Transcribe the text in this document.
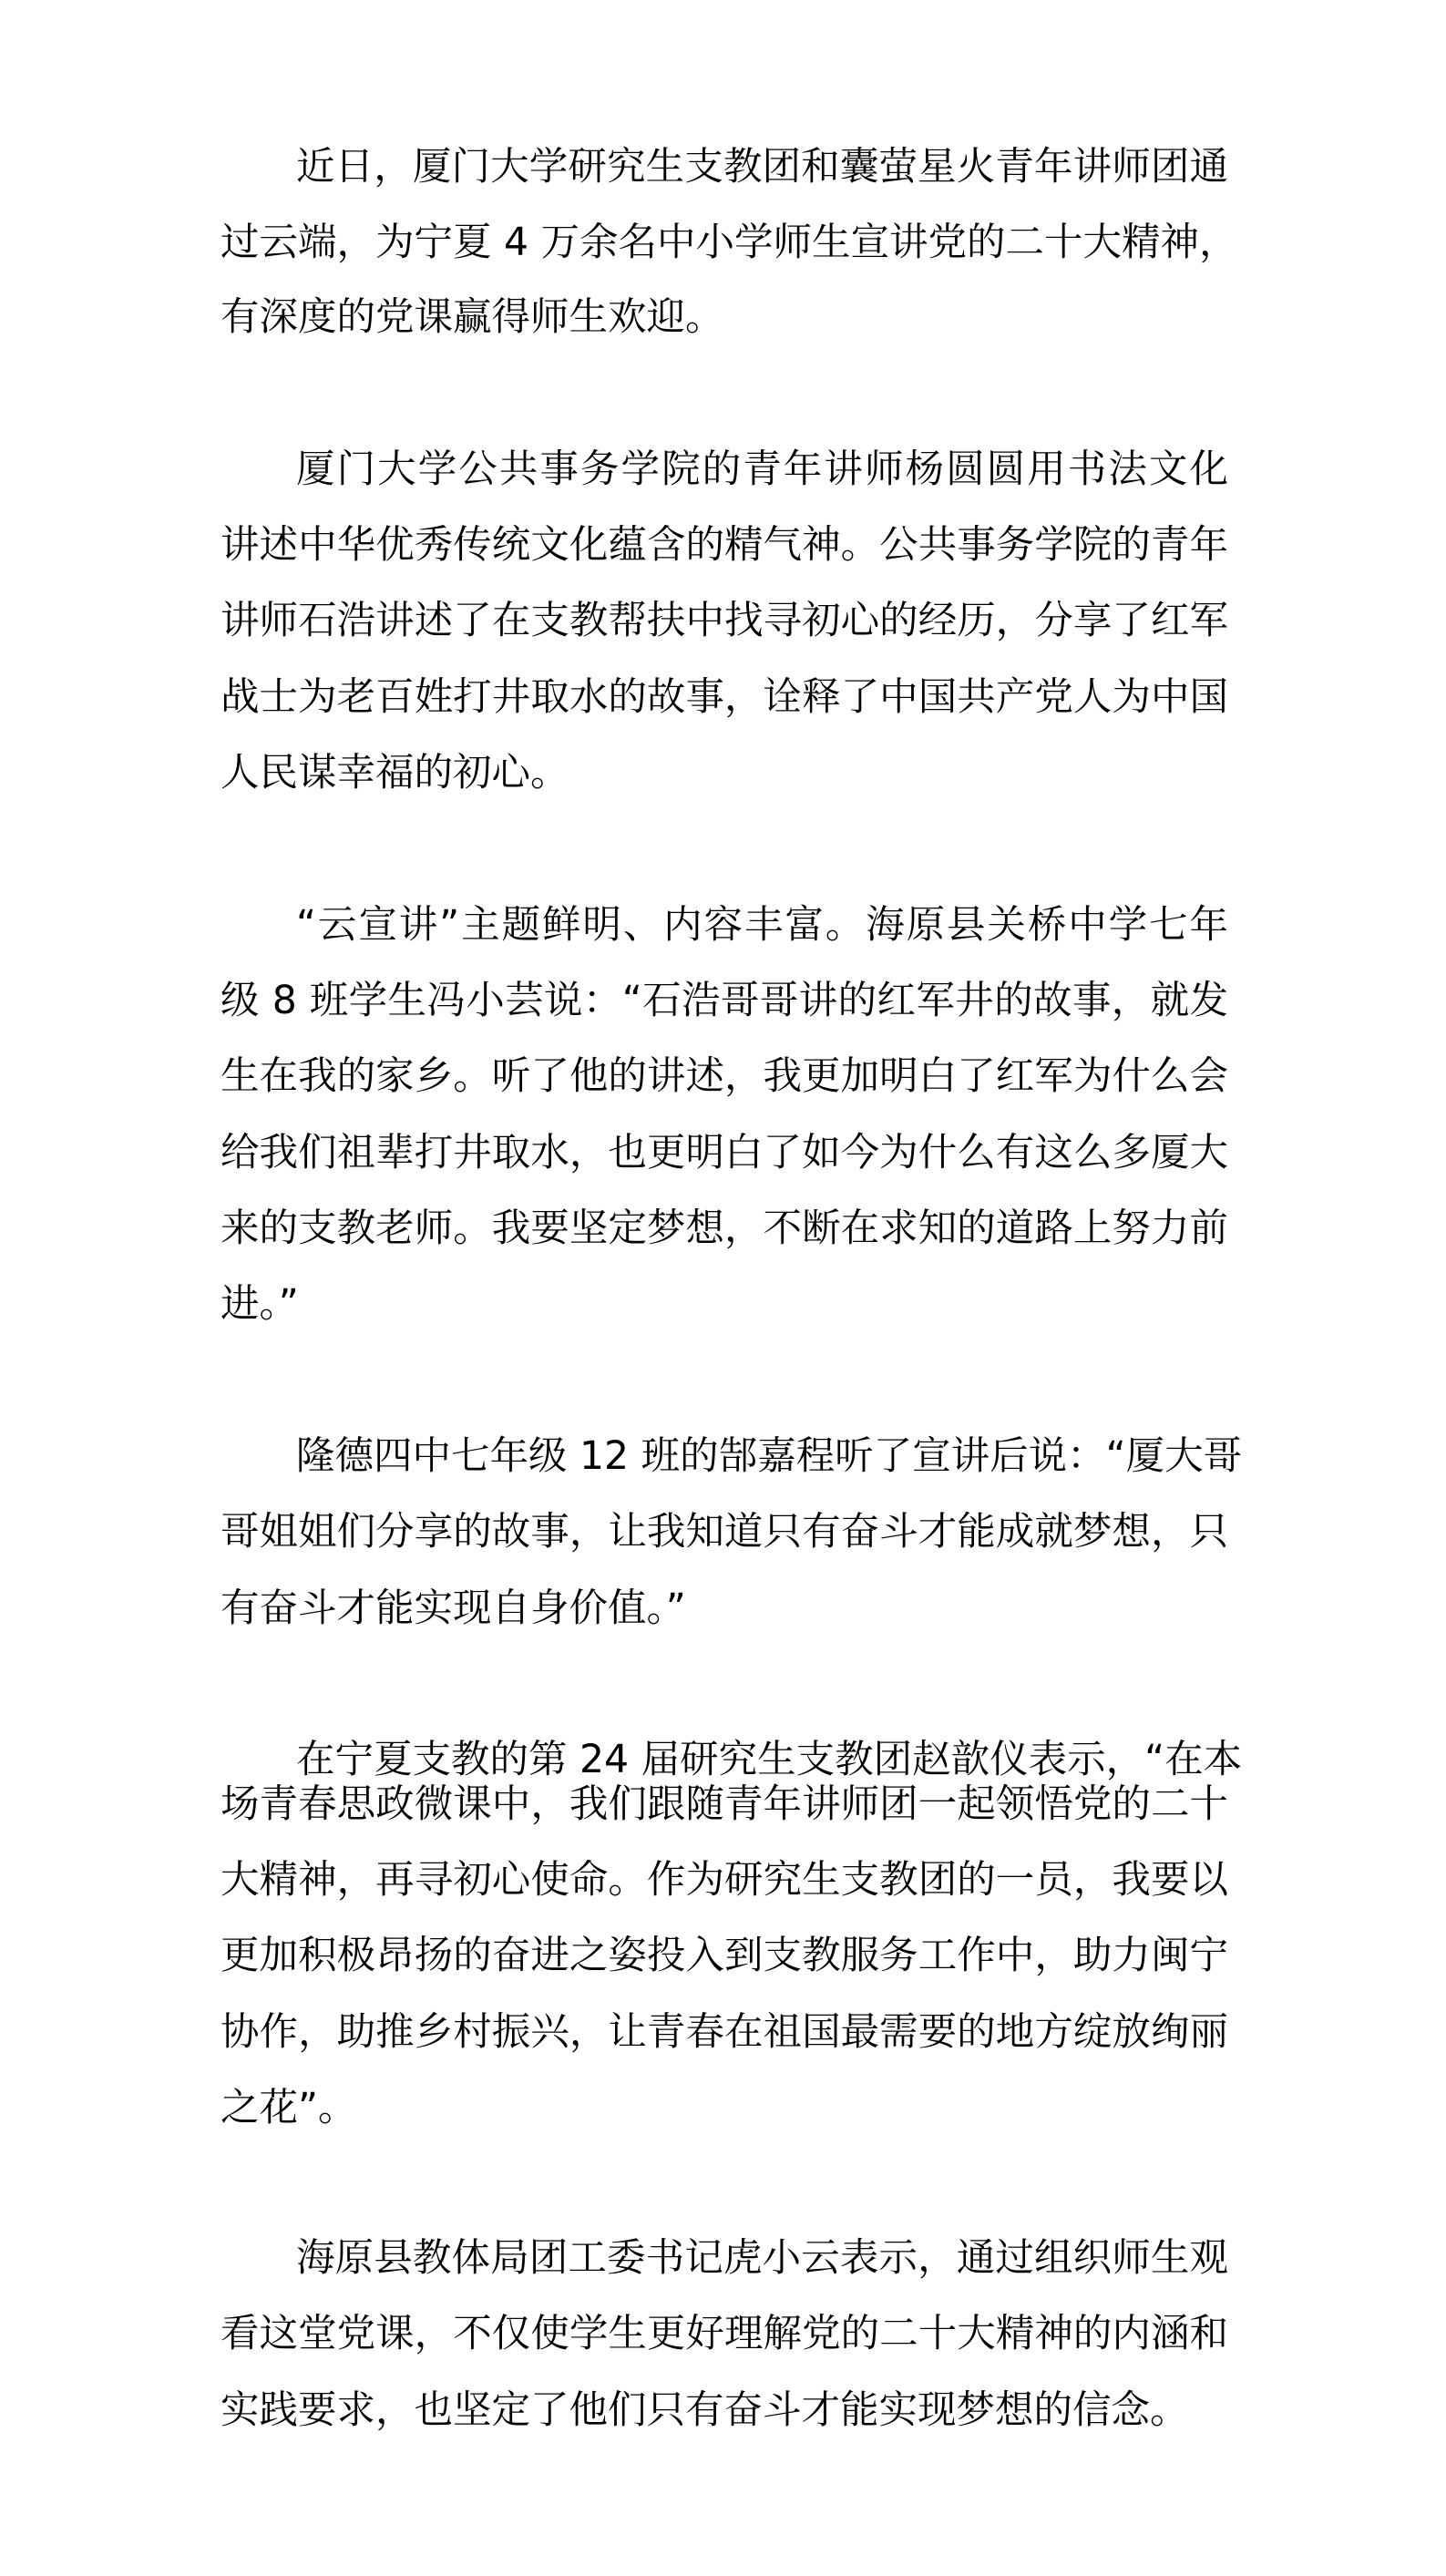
近日，厦门大学研究生支教团和囊萤星火青年讲师团通
过云端，为宁夏 4 万余名中小学师生宣讲党的二十大精神，
有深度的党课赢得师生欢迎。
厦门大学公共事务学院的青年讲师杨圆圆用书法文化
讲述中华优秀传统文化蕴含的精气神。公共事务学院的青年
讲师石浩讲述了在支教帮扶中找寻初心的经历，分享了红军
战士为老百姓打井取水的故事，诠释了中国共产党人为中国
人民谋幸福的初心。
“云宣讲”主题鲜明、内容丰富。海原县关桥中学七年
级 8 班学生冯小芸说：“石浩哥哥讲的红军井的故事，就发
生在我的家乡。听了他的讲述，我更加明白了红军为什么会
给我们祖辈打井取水，也更明白了如今为什么有这么多厦大
来的支教老师。我要坚定梦想，不断在求知的道路上努力前
进。”
隆德四中七年级 12 班的郜嘉程听了宣讲后说：“厦大哥
哥姐姐们分享的故事，让我知道只有奋斗才能成就梦想，只
有奋斗才能实现自身价值。”
在宁夏支教的第 24 届研究生支教团赵歆仪表示，“在本
场青春思政微课中，我们跟随青年讲师团一起领悟党的二十
大精神，再寻初心使命。作为研究生支教团的一员，我要以
更加积极昂扬的奋进之姿投入到支教服务工作中，助力闽宁
协作，助推乡村振兴，让青春在祖国最需要的地方绽放绚丽
之花”。
海原县教体局团工委书记虎小云表示，通过组织师生观
看这堂党课，不仅使学生更好理解党的二十大精神的内涵和
实践要求，也坚定了他们只有奋斗才能实现梦想的信念。
